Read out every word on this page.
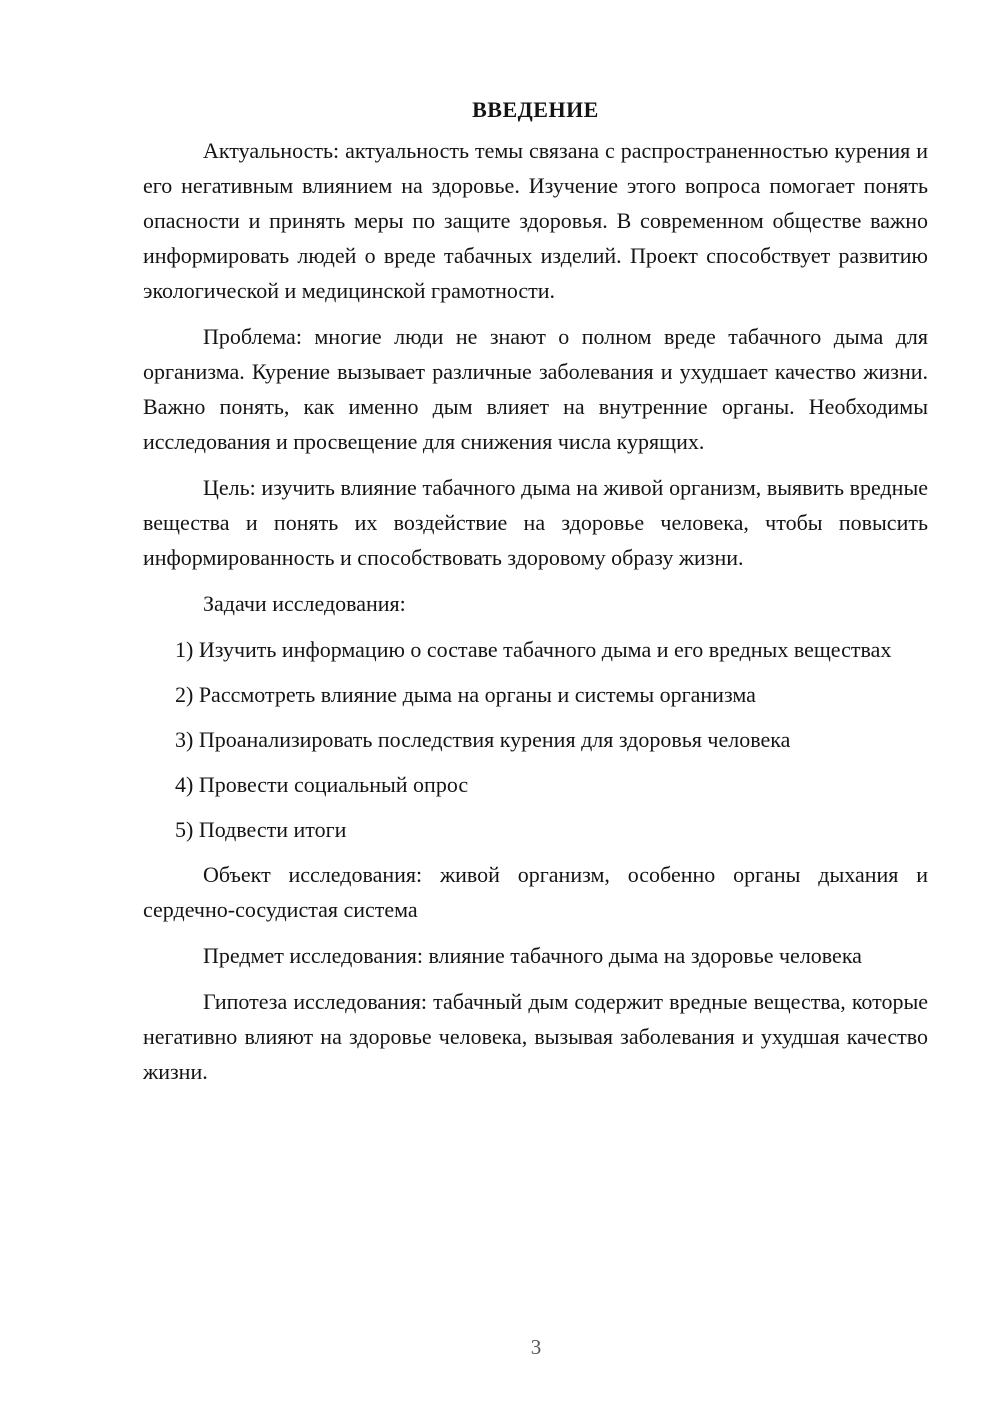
ВВЕДЕНИЕ

Актуальность: актуальность темы связана с распространенностью курения и его негативным влиянием на здоровье. Изучение этого вопроса помогает понять опасности и принять меры по защите здоровья. В современном обществе важно информировать людей о вреде табачных изделий. Проект способствует развитию экологической и медицинской грамотности.

Проблема: многие люди не знают о полном вреде табачного дыма для организма. Курение вызывает различные заболевания и ухудшает качество жизни. Важно понять, как именно дым влияет на внутренние органы. Необходимы исследования и просвещение для снижения числа курящих.

Цель: изучить влияние табачного дыма на живой организм, выявить вредные вещества и понять их воздействие на здоровье человека, чтобы повысить информированность и способствовать здоровому образу жизни.

Задачи исследования:

1) Изучить информацию о составе табачного дыма и его вредных веществах

2) Рассмотреть влияние дыма на органы и системы организма

3) Проанализировать последствия курения для здоровья человека

4) Провести социальный опрос

5) Подвести итоги

Объект исследования: живой организм, особенно органы дыхания и сердечно-сосудистая система

Предмет исследования: влияние табачного дыма на здоровье человека

Гипотеза исследования: табачный дым содержит вредные вещества, которые негативно влияют на здоровье человека, вызывая заболевания и ухудшая качество жизни.

3
